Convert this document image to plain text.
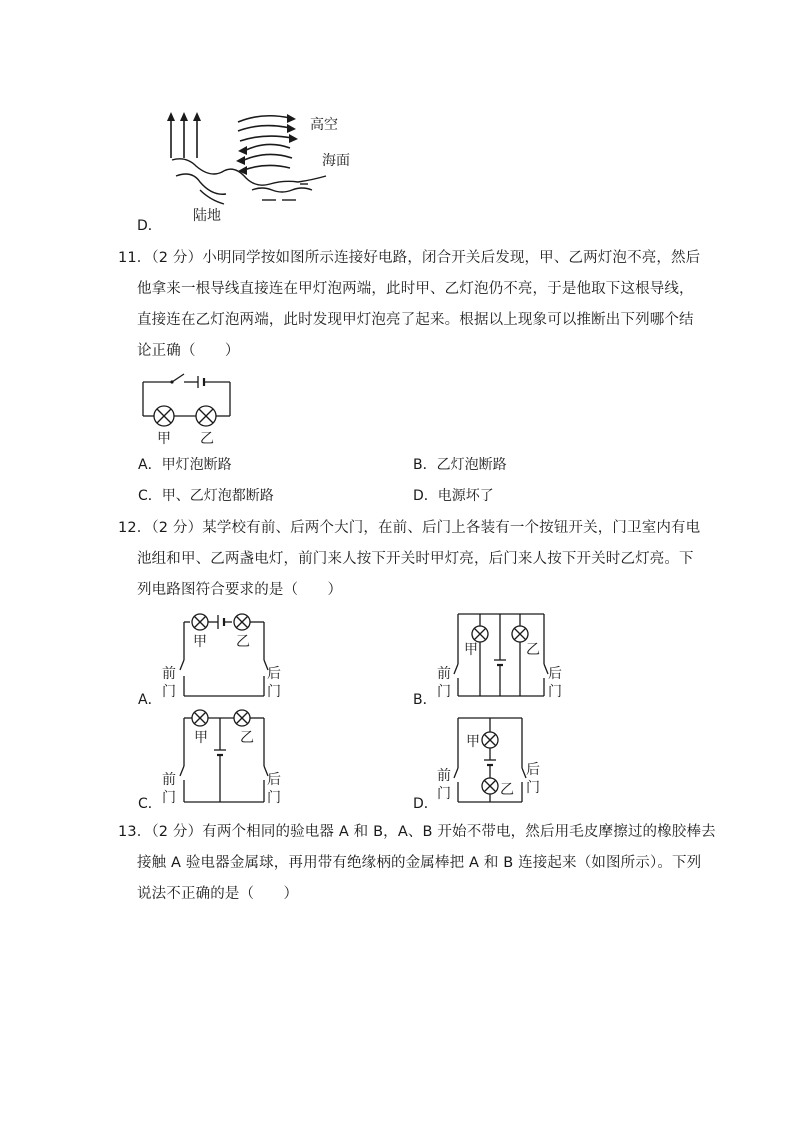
高空
海面
陆地
D．
11．（2 分）小明同学按如图所示连接好电路，闭合开关后发现，甲、乙两灯泡不亮，然后
他拿来一根导线直接连在甲灯泡两端，此时甲、乙灯泡仍不亮，于是他取下这根导线，
直接连在乙灯泡两端，此时发现甲灯泡亮了起来。根据以上现象可以推断出下列哪个结
论正确（　　）
甲 乙
A．甲灯泡断路	B．乙灯泡断路
C．甲、乙灯泡都断路	D．电源坏了
12．（2 分）某学校有前、后两个大门，在前、后门上各装有一个按钮开关，门卫室内有电
池组和甲、乙两盏电灯，前门来人按下开关时甲灯亮，后门来人按下开关时乙灯亮。下
列电路图符合要求的是（　　）
甲 乙
前
门
后
门
A．
甲	乙
前
门
后
门
B．
甲 乙
前
门
后
门
C．
甲
乙
前
门
后
门
D．
13．（2 分）有两个相同的验电器 A 和 B，A、B 开始不带电，然后用毛皮摩擦过的橡胶棒去
接触 A 验电器金属球，再用带有绝缘柄的金属棒把 A 和 B 连接起来（如图所示）。下列
说法不正确的是（　　）
